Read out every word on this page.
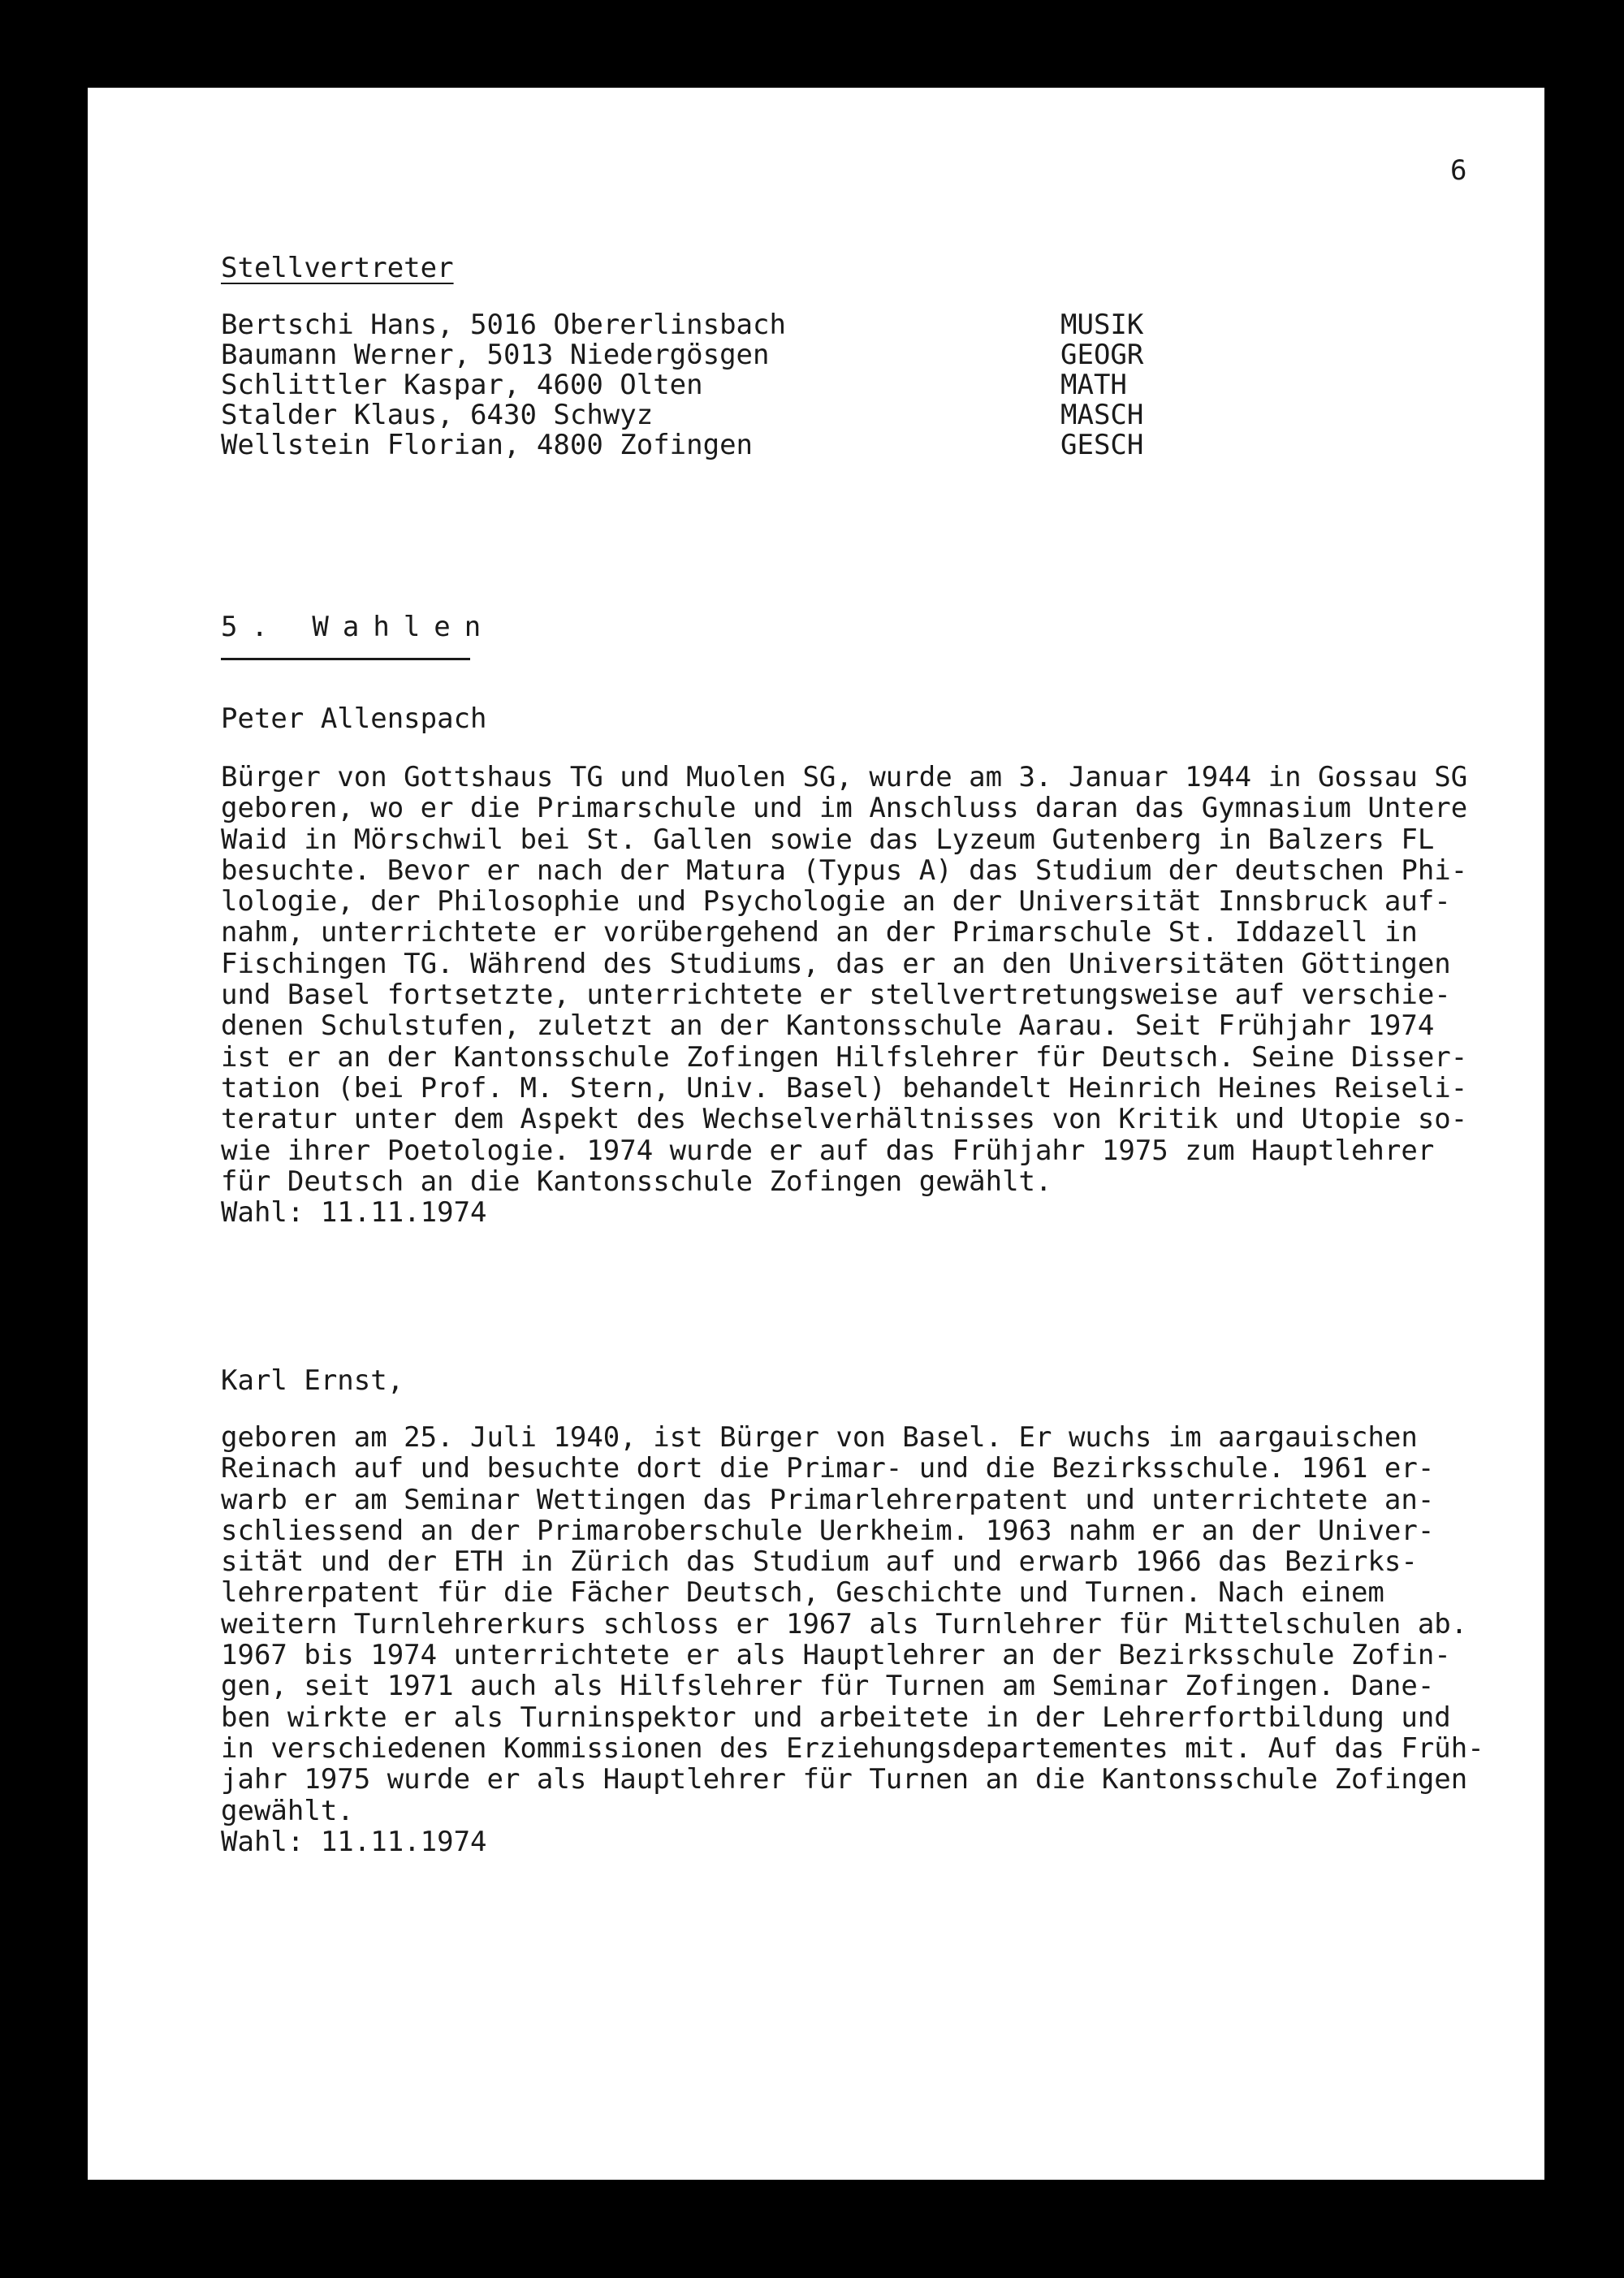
6
Stellvertreter
Bertschi Hans, 5016 Obererlinsbach	MUSIK
Baumann Werner, 5013 Niedergösgen	GEOGR
Schlittler Kaspar, 4600 Olten	MATH
Stalder Klaus, 6430 Schwyz	MASCH
Wellstein Florian, 4800 Zofingen	GESCH
5. Wahlen
Peter Allenspach
Bürger von Gottshaus TG und Muolen SG, wurde am 3. Januar 1944 in Gossau SG
geboren, wo er die Primarschule und im Anschluss daran das Gymnasium Untere
Waid in Mörschwil bei St. Gallen sowie das Lyzeum Gutenberg in Balzers FL
besuchte. Bevor er nach der Matura (Typus A) das Studium der deutschen Phi-
lologie, der Philosophie und Psychologie an der Universität Innsbruck auf-
nahm, unterrichtete er vorübergehend an der Primarschule St. Iddazell in
Fischingen TG. Während des Studiums, das er an den Universitäten Göttingen
und Basel fortsetzte, unterrichtete er stellvertretungsweise auf verschie-
denen Schulstufen, zuletzt an der Kantonsschule Aarau. Seit Frühjahr 1974
ist er an der Kantonsschule Zofingen Hilfslehrer für Deutsch. Seine Disser-
tation (bei Prof. M. Stern, Univ. Basel) behandelt Heinrich Heines Reiseli-
teratur unter dem Aspekt des Wechselverhältnisses von Kritik und Utopie so-
wie ihrer Poetologie. 1974 wurde er auf das Frühjahr 1975 zum Hauptlehrer
für Deutsch an die Kantonsschule Zofingen gewählt.
Wahl: 11.11.1974
Karl Ernst,
geboren am 25. Juli 1940, ist Bürger von Basel. Er wuchs im aargauischen
Reinach auf und besuchte dort die Primar- und die Bezirksschule. 1961 er-
warb er am Seminar Wettingen das Primarlehrerpatent und unterrichtete an-
schliessend an der Primaroberschule Uerkheim. 1963 nahm er an der Univer-
sität und der ETH in Zürich das Studium auf und erwarb 1966 das Bezirks-
lehrerpatent für die Fächer Deutsch, Geschichte und Turnen. Nach einem
weitern Turnlehrerkurs schloss er 1967 als Turnlehrer für Mittelschulen ab.
1967 bis 1974 unterrichtete er als Hauptlehrer an der Bezirksschule Zofin-
gen, seit 1971 auch als Hilfslehrer für Turnen am Seminar Zofingen. Dane-
ben wirkte er als Turninspektor und arbeitete in der Lehrerfortbildung und
in verschiedenen Kommissionen des Erziehungsdepartementes mit. Auf das Früh-
jahr 1975 wurde er als Hauptlehrer für Turnen an die Kantonsschule Zofingen
gewählt.
Wahl: 11.11.1974
